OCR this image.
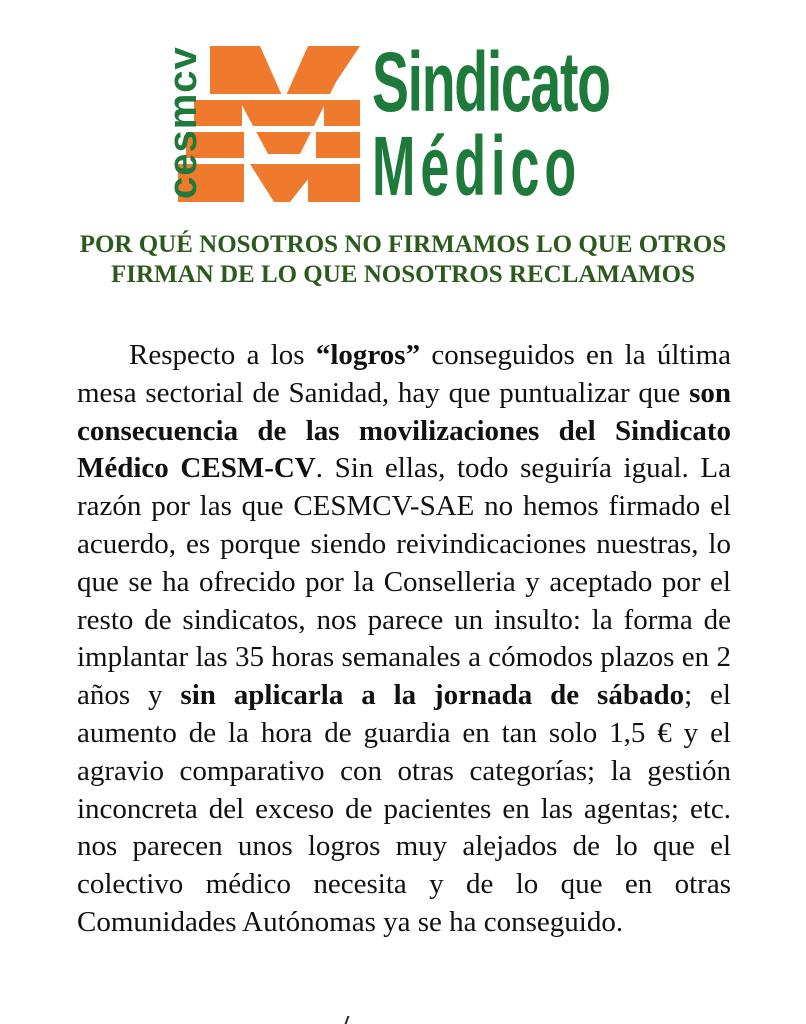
cesmcv Sindicato
Médico
POR QUÉ NOSOTROS NO FIRMAMOS LO QUE OTROS FIRMAN DE LO QUE NOSOTROS RECLAMAMOS

Respecto a los “logros” conseguidos en la última mesa sectorial de Sanidad, hay que puntualizar que son consecuencia de las movilizaciones del Sindicato Médico CESM-CV. Sin ellas, todo seguiría igual. La razón por las que CESMCV-SAE no hemos firmado el acuerdo, es porque siendo reivindicaciones nuestras, lo que se ha ofrecido por la Conselleria y aceptado por el resto de sindicatos, nos parece un insulto: la forma de implantar las 35 horas semanales a cómodos plazos en 2 años y sin aplicarla a la jornada de sábado; el aumento de la hora de guardia en tan solo 1,5 € y el agravio comparativo con otras categorías; la gestión inconcreta del exceso de pacientes en las agentas; etc. nos parecen unos logros muy alejados de lo que el colectivo médico necesita y de lo que en otras Comunidades Autónomas ya se ha conseguido.
